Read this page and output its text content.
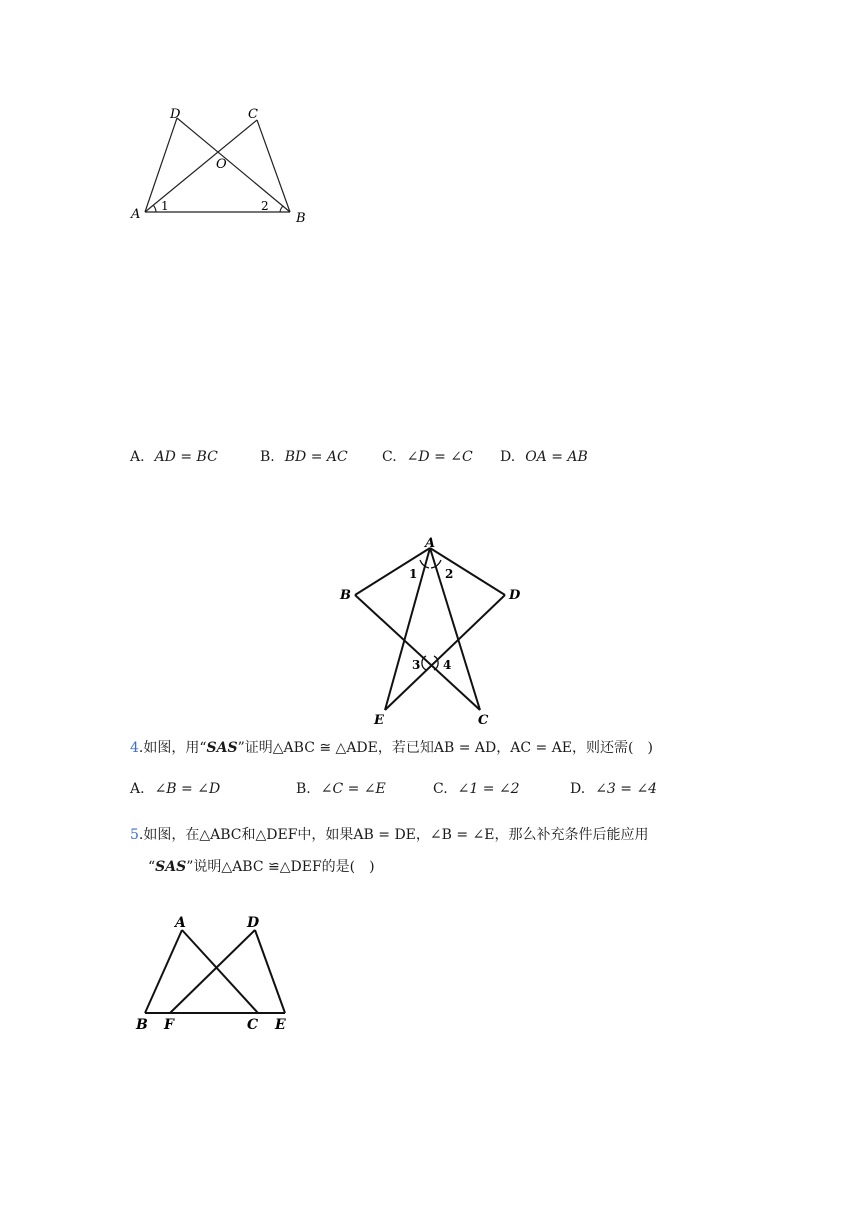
D	C
O
A	B
1	2
A. AD = BC	B. BD = AC C. ∠D = ∠C D. OA = AB
A
B	D
E	C
1 2
3 4
4.如图，用“SAS”证明△ABC ≅ △ADE，若已知AB = AD，AC = AE，则还需(　)
A. ∠B = ∠D	B. ∠C = ∠E	C. ∠1 = ∠2	D. ∠3 = ∠4
5.如图，在△ABC和△DEF中，如果AB = DE，∠B = ∠E，那么补充条件后能应用
“SAS”说明△ABC ≌△DEF的是(　)
A	D
B F	C E
